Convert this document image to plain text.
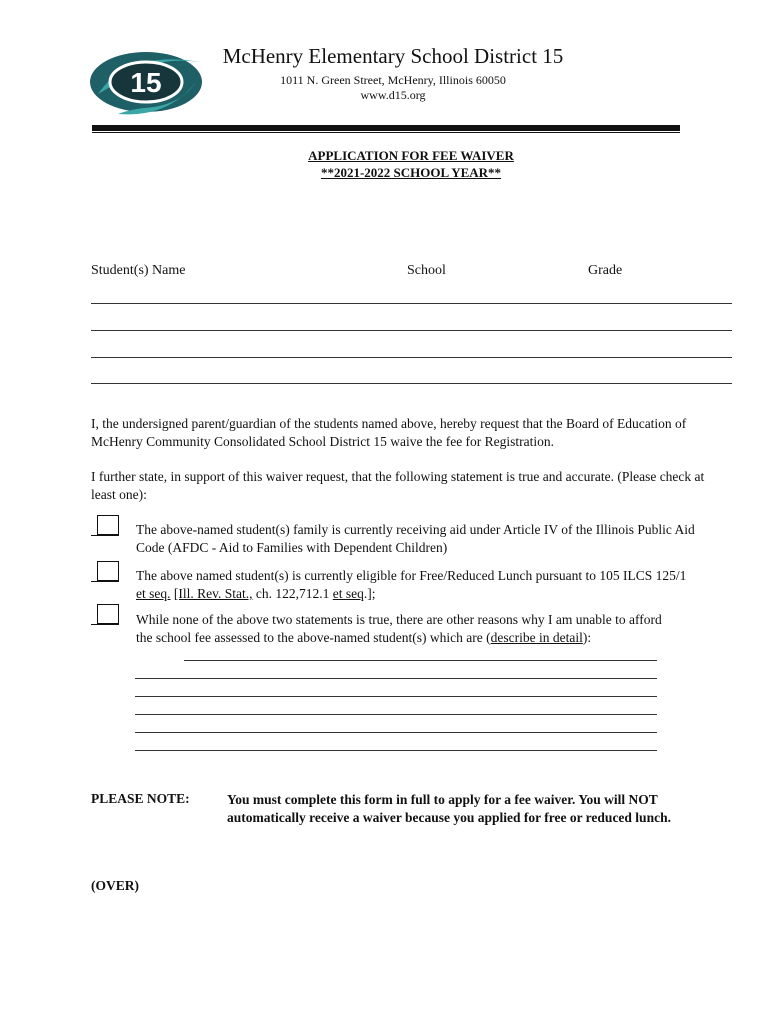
15
McHenry Elementary School District 15
1011 N. Green Street, McHenry, Illinois 60050
www.d15.org
APPLICATION FOR FEE WAIVER
**2021-2022 SCHOOL YEAR**
Student(s) Name	School	Grade
I, the undersigned parent/guardian of the students named above, hereby request that the Board of Education of McHenry Community Consolidated School District 15 waive the fee for Registration.
I further state, in support of this waiver request, that the following statement is true and accurate. (Please check at least one):
The above-named student(s) family is currently receiving aid under Article IV of the Illinois Public Aid Code (AFDC - Aid to Families with Dependent Children)
The above named student(s) is currently eligible for Free/Reduced Lunch pursuant to 105 ILCS 125/1 et seq. [Ill. Rev. Stat., ch. 122,712.1 et seq.];
While none of the above two statements is true, there are other reasons why I am unable to afford the school fee assessed to the above-named student(s) which are (describe in detail):
PLEASE NOTE:	You must complete this form in full to apply for a fee waiver. You will NOT automatically receive a waiver because you applied for free or reduced lunch.
(OVER)
